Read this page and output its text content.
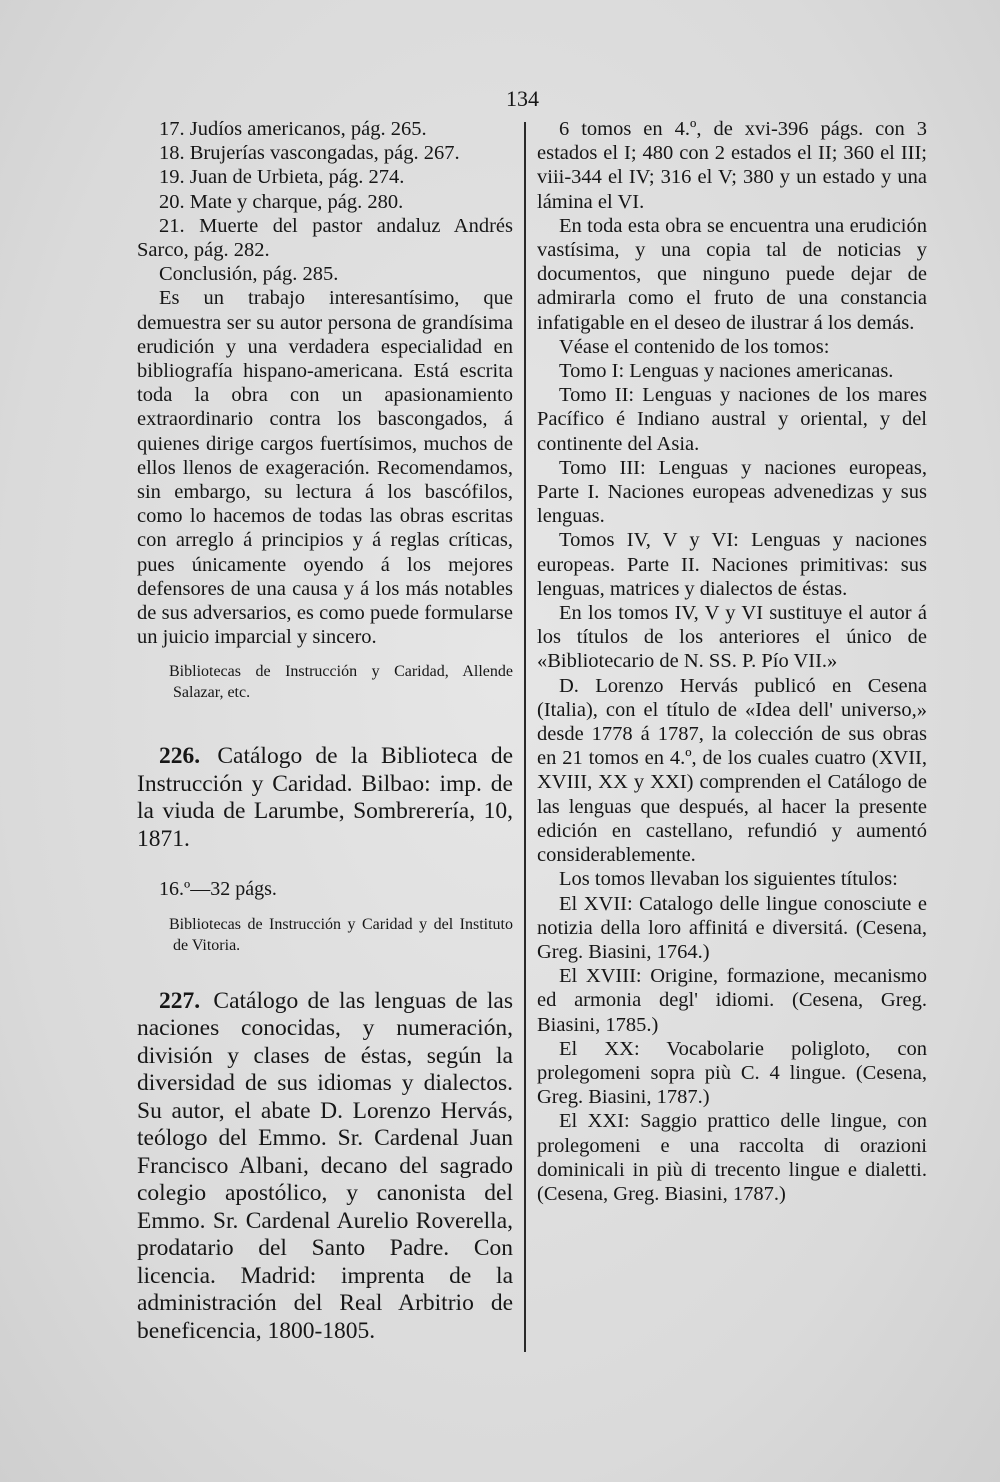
134

17. Judíos americanos, pág. 265.

18. Brujerías vascongadas, pág. 267.

19. Juan de Urbieta, pág. 274.

20. Mate y charque, pág. 280.

21. Muerte del pastor andaluz Andrés Sarco, pág. 282.

Conclusión, pág. 285.

Es un trabajo interesantísimo, que demuestra ser su autor persona de grandísima erudición y una verdadera especialidad en bibliografía hispano-americana. Está escrita toda la obra con un apasionamiento extraordinario contra los bascongados, á quienes dirige cargos fuertísimos, muchos de ellos llenos de exageración. Recomendamos, sin embargo, su lectura á los bascófilos, como lo hacemos de todas las obras escritas con arreglo á principios y á reglas críticas, pues únicamente oyendo á los mejores defensores de una causa y á los más notables de sus adversarios, es como puede formularse un juicio imparcial y sincero.

Bibliotecas de Instrucción y Caridad, Allende Salazar, etc.

226. Catálogo de la Biblioteca de Instrucción y Caridad. Bilbao: imp. de la viuda de Larumbe, Sombrerería, 10, 1871.

16.º—32 págs.

Bibliotecas de Instrucción y Caridad y del Instituto de Vitoria.

227. Catálogo de las lenguas de las naciones conocidas, y numeración, división y clases de éstas, según la diversidad de sus idiomas y dialectos. Su autor, el abate D. Lorenzo Hervás, teólogo del Emmo. Sr. Cardenal Juan Francisco Albani, decano del sagrado colegio apostólico, y canonista del Emmo. Sr. Cardenal Aurelio Roverella, prodatario del Santo Padre. Con licencia. Madrid: imprenta de la administración del Real Arbitrio de beneficencia, 1800-1805.

6 tomos en 4.º, de xvi-396 págs. con 3 estados el I; 480 con 2 estados el II; 360 el III; viii-344 el IV; 316 el V; 380 y un estado y una lámina el VI.

En toda esta obra se encuentra una erudición vastísima, y una copia tal de noticias y documentos, que ninguno puede dejar de admirarla como el fruto de una constancia infatigable en el deseo de ilustrar á los demás.

Véase el contenido de los tomos:

Tomo I: Lenguas y naciones americanas.

Tomo II: Lenguas y naciones de los mares Pacífico é Indiano austral y oriental, y del continente del Asia.

Tomo III: Lenguas y naciones europeas, Parte I. Naciones europeas advenedizas y sus lenguas.

Tomos IV, V y VI: Lenguas y naciones europeas. Parte II. Naciones primitivas: sus lenguas, matrices y dialectos de éstas.

En los tomos IV, V y VI sustituye el autor á los títulos de los anteriores el único de «Bibliotecario de N. SS. P. Pío VII.»

D. Lorenzo Hervás publicó en Cesena (Italia), con el título de «Idea dell' universo,» desde 1778 á 1787, la colección de sus obras en 21 tomos en 4.º, de los cuales cuatro (XVII, XVIII, XX y XXI) comprenden el Catálogo de las lenguas que después, al hacer la presente edición en castellano, refundió y aumentó considerablemente.

Los tomos llevaban los siguientes títulos:

El XVII: Catalogo delle lingue conosciute e notizia della loro affinitá e diversitá. (Cesena, Greg. Biasini, 1764.)

El XVIII: Origine, formazione, mecanismo ed armonia degl' idiomi. (Cesena, Greg. Biasini, 1785.)

El XX: Vocabolarie poligloto, con prolegomeni sopra più C. 4 lingue. (Cesena, Greg. Biasini, 1787.)

El XXI: Saggio prattico delle lingue, con prolegomeni e una raccolta di orazioni dominicali in più di trecento lingue e dialetti. (Cesena, Greg. Biasini, 1787.)
